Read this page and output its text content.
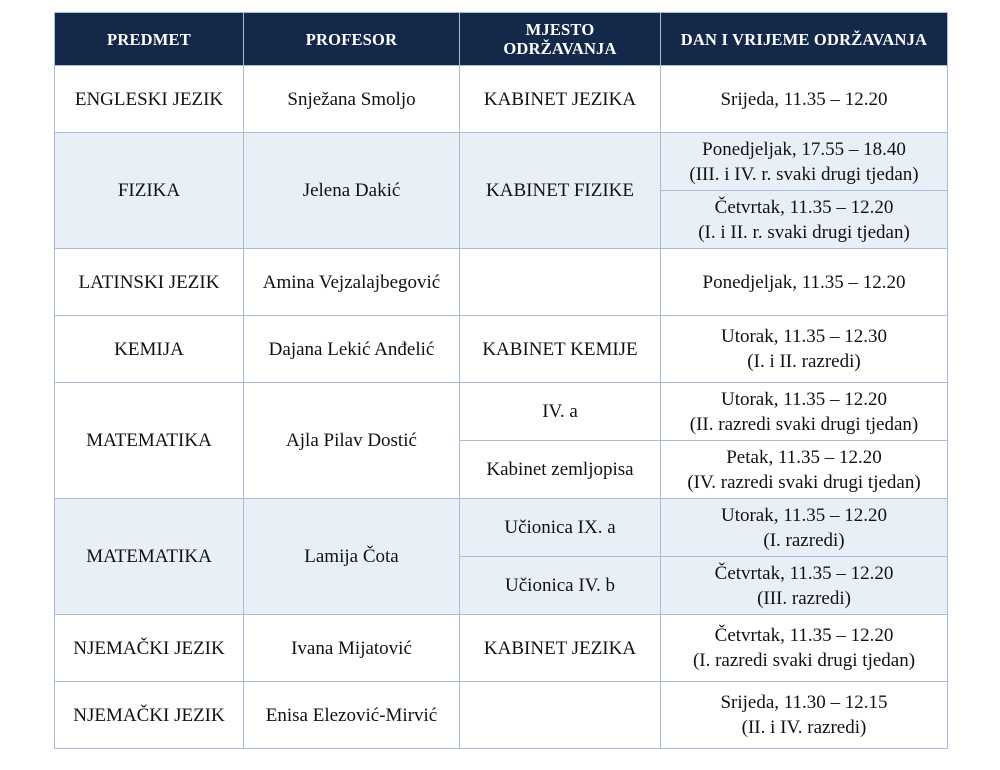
PREDMET	PROFESOR	MJESTO ODRŽAVANJA	DAN I VRIJEME ODRŽAVANJA
ENGLESKI JEZIK	Snježana Smoljo	KABINET JEZIKA	Srijeda, 11.35 – 12.20

FIZIKA	Jelena Dakić	KABINET FIZIKE	Ponedjeljak, 17.55 – 18.40
(III. i IV. r. svaki drugi tjedan)

			Četvrtak, 11.35 – 12.20
(I. i II. r. svaki drugi tjedan)

LATINSKI JEZIK	Amina Vejzalajbegović		Ponedjeljak, 11.35 – 12.20

KEMIJA	Dajana Lekić Anđelić	KABINET KEMIJE	Utorak, 11.35 – 12.30
(I. i II. razredi)

MATEMATIKA	Ajla Pilav Dostić	IV. a	Utorak, 11.35 – 12.20
(II. razredi svaki drugi tjedan)

		Kabinet zemljopisa	Petak, 11.35 – 12.20
(IV. razredi svaki drugi tjedan)

MATEMATIKA	Lamija Čota	Učionica IX. a	Utorak, 11.35 – 12.20
(I. razredi)

		Učionica IV. b	Četvrtak, 11.35 – 12.20
(III. razredi)

NJEMAČKI JEZIK	Ivana Mijatović	KABINET JEZIKA	Četvrtak, 11.35 – 12.20
(I. razredi svaki drugi tjedan)

NJEMAČKI JEZIK	Enisa Elezović-Mirvić		Srijeda, 11.30 – 12.15
(II. i IV. razredi)
